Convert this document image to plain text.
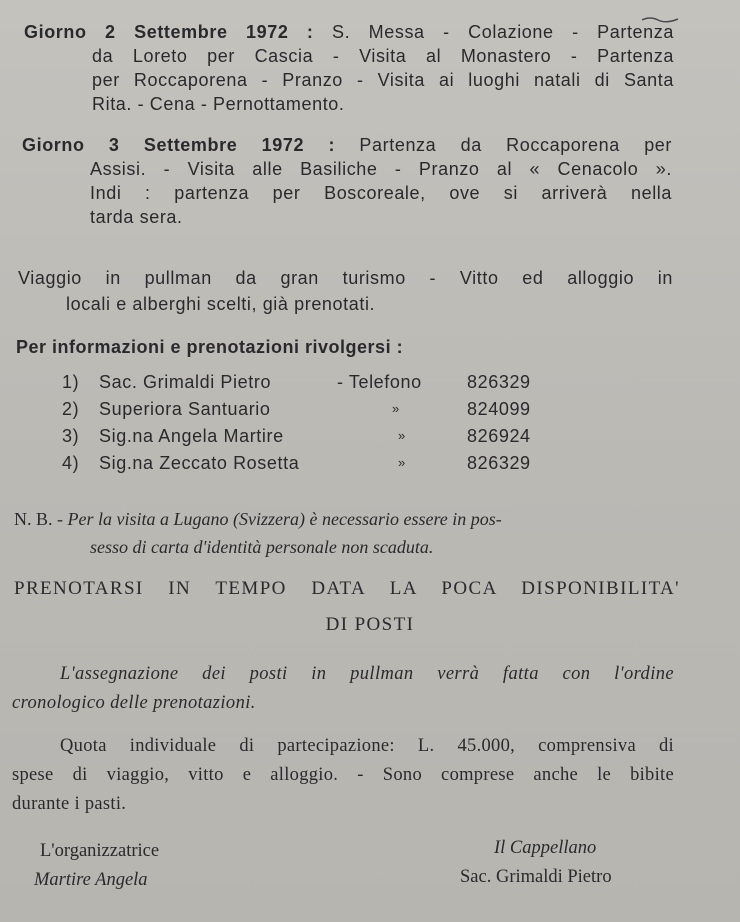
Giorno 2 Settembre 1972 : S. Messa - Colazione - Partenza
da Loreto per Cascia - Visita al Monastero - Partenza
per Roccaporena - Pranzo - Visita ai luoghi natali di Santa
Rita. - Cena - Pernottamento.
Giorno 3 Settembre 1972 : Partenza da Roccaporena per
Assisi. - Visita alle Basiliche - Pranzo al « Cenacolo ».
Indi : partenza per Boscoreale, ove si arriverà nella
tarda sera.
Viaggio in pullman da gran turismo - Vitto ed alloggio in
locali e alberghi scelti, già prenotati.
Per informazioni e prenotazioni rivolgersi :
1) Sac. Grimaldi Pietro	- Telefono	826329
2) Superiora Santuario	»	824099
3) Sig.na Angela Martire	»	826924
4) Sig.na Zeccato Rosetta	»	826329
N. B. - Per la visita a Lugano (Svizzera) è necessario essere in pos-
sesso di carta d'identità personale non scaduta.
PRENOTARSI IN TEMPO DATA LA POCA DISPONIBILITA'
DI POSTI
L'assegnazione dei posti in pullman verrà fatta con l'ordine
cronologico delle prenotazioni.
Quota individuale di partecipazione: L. 45.000, comprensiva di
spese di viaggio, vitto e alloggio. - Sono comprese anche le bibite
durante i pasti.
L'organizzatrice
Martire Angela
Il Cappellano
Sac. Grimaldi Pietro
